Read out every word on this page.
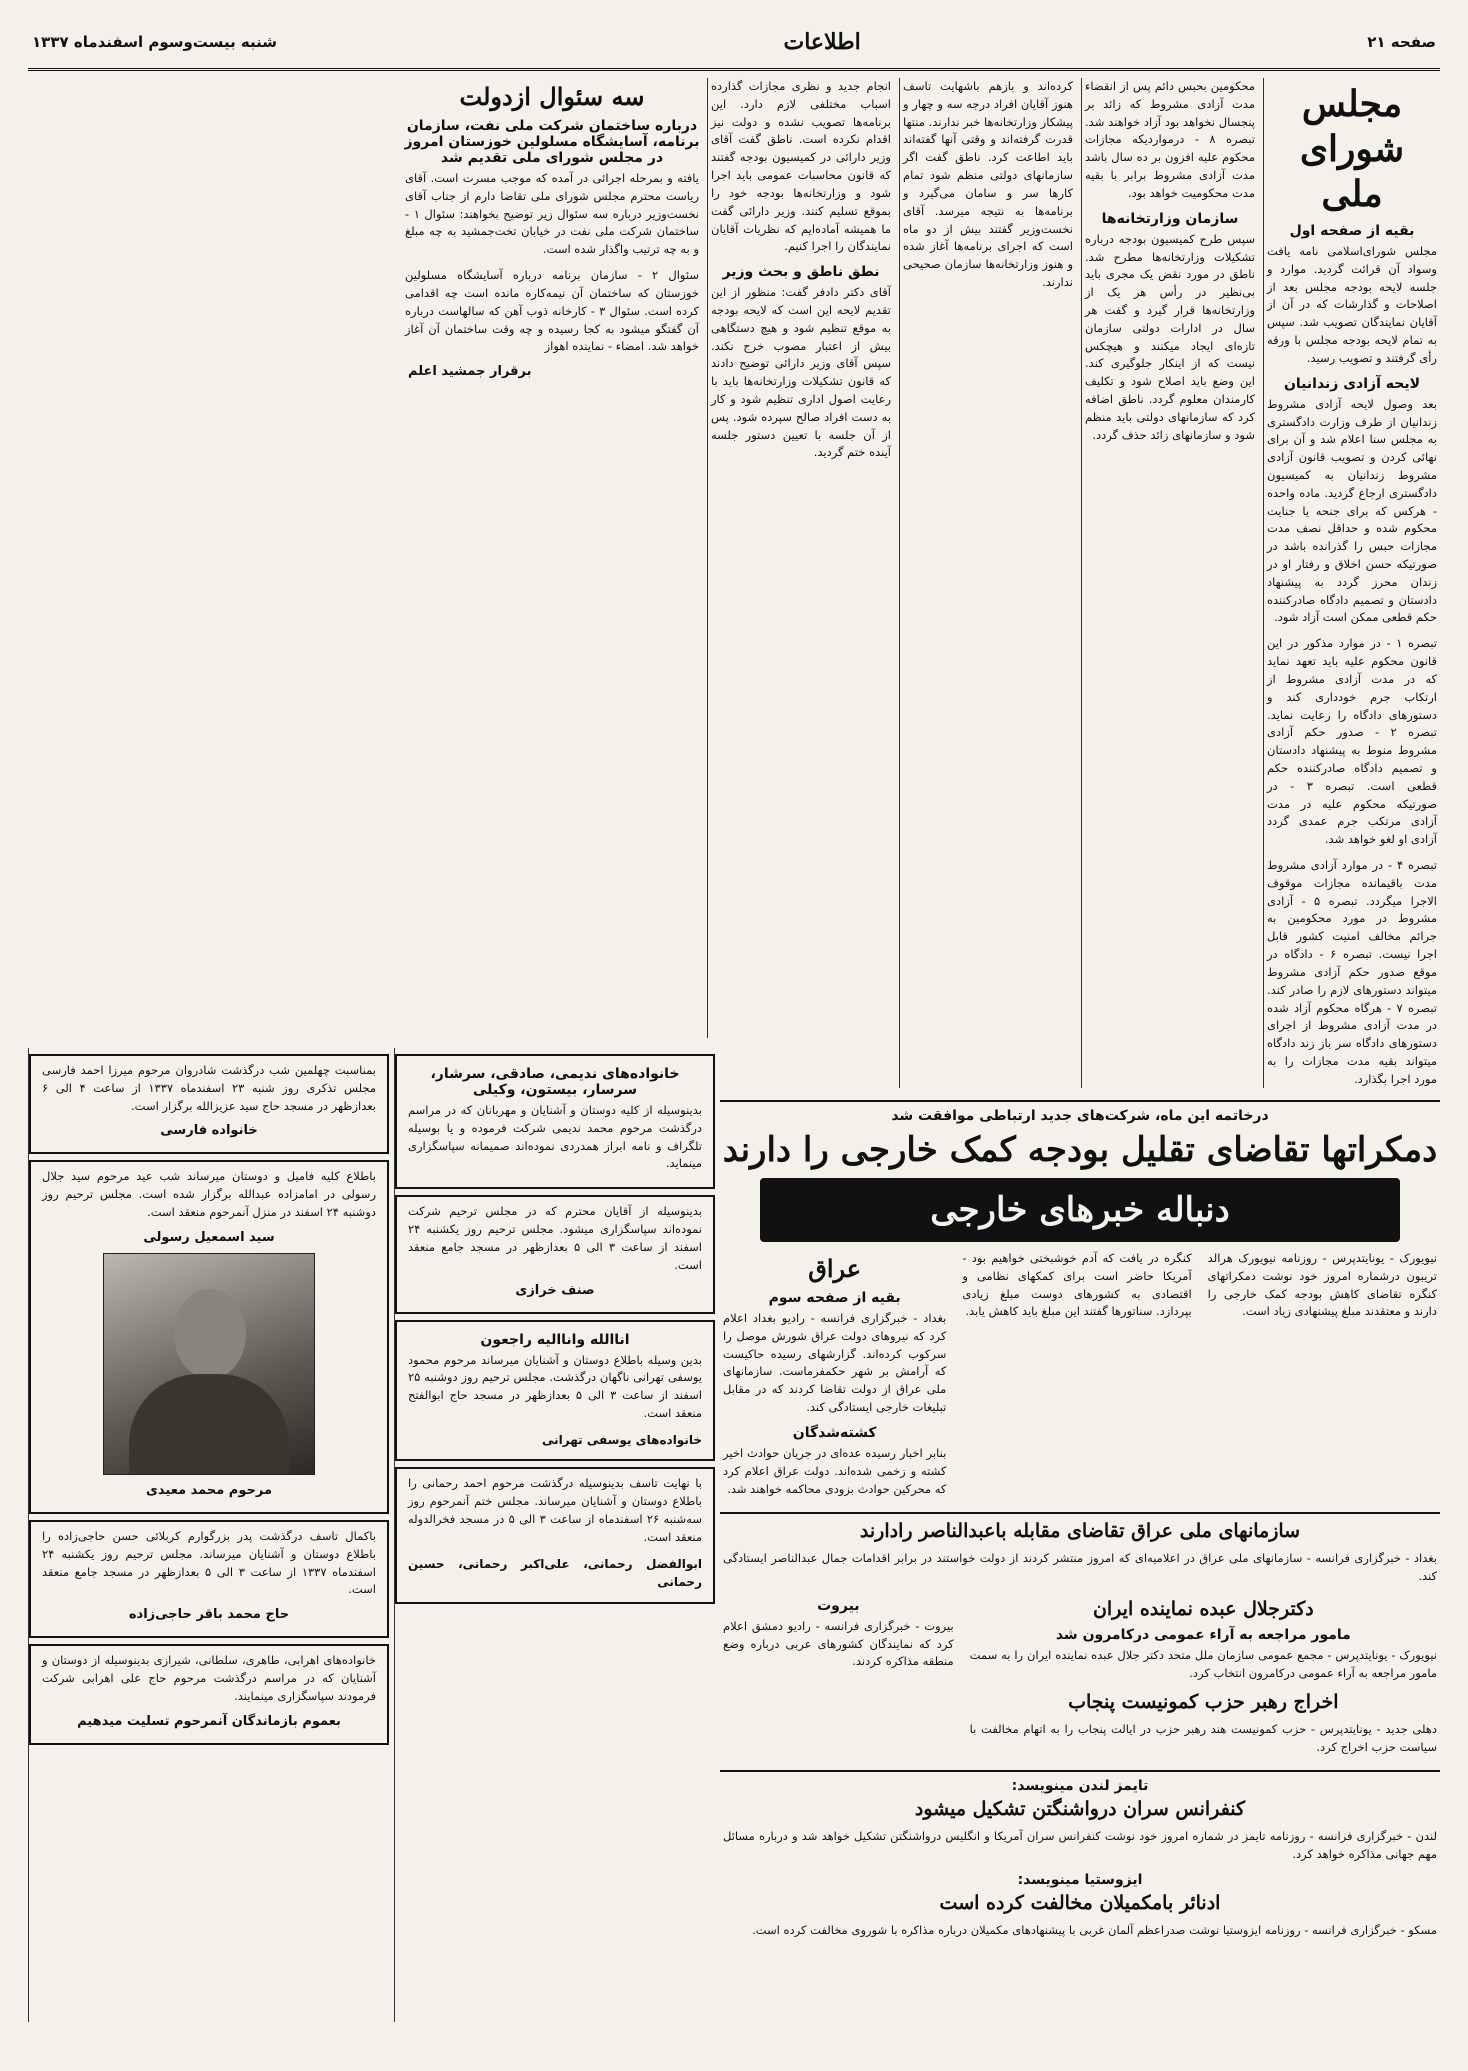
صفحه ۲۱
اطلاعات
شنبه بیست‌وسوم اسفندماه ۱۳۳۷
مجلس شورای ملی
بقیه از صفحه اول

مجلس شورای‌اسلامی نامه یافت وسواد آن قرائت گردید. موارد و جلسه لایحه بودجه مجلس بعد از اصلاحات و گذارشات که در آن از آقایان نمایندگان تصویب شد. سپس به تمام لایحه بودجه مجلس با ورقه رأی گرفتند و تصویب رسید.

لایحه آزادی زندانیان

بعد وصول لایحه آزادی مشروط زندانیان از طرف وزارت دادگستری به مجلس سنا اعلام شد و آن برای نهائی کردن و تصویب قانون آزادی مشروط زندانیان به کمیسیون دادگستری ارجاع گردید. ماده واحده - هرکس که برای جنحه یا جنایت محکوم شده و حداقل نصف مدت مجازات حبس را گذرانده باشد در صورتیکه حسن اخلاق و رفتار او در زندان محرز گردد به پیشنهاد دادستان و تصمیم دادگاه صادرکننده حکم قطعی ممکن است آزاد شود.

تبصره ۱ - در موارد مذکور در این قانون محکوم علیه باید تعهد نماید که در مدت آزادی مشروط از ارتکاب جرم خودداری کند و دستورهای دادگاه را رعایت نماید. تبصره ۲ - صدور حکم آزادی مشروط منوط به پیشنهاد دادستان و تصمیم دادگاه صادرکننده حکم قطعی است. تبصره ۳ - در صورتیکه محکوم علیه در مدت آزادی مرتکب جرم عمدی گردد آزادی او لغو خواهد شد.

تبصره ۴ - در موارد آزادی مشروط مدت باقیمانده مجازات موقوف الاجرا میگردد. تبصره ۵ - آزادی مشروط در مورد محکومین به جرائم مخالف امنیت کشور قابل اجرا نیست. تبصره ۶ - دادگاه در موقع صدور حکم آزادی مشروط میتواند دستورهای لازم را صادر کند. تبصره ۷ - هرگاه محکوم آزاد شده در مدت آزادی مشروط از اجرای دستورهای دادگاه سر باز زند دادگاه میتواند بقیه مدت مجازات را به مورد اجرا بگذارد.

محکومین بحبس دائم پس از انقضاء مدت آزادی مشروط که زائد بر پنجسال نخواهد بود آزاد خواهند شد. تبصره ۸ - درمواردیکه مجازات محکوم علیه افزون بر ده سال باشد مدت آزادی مشروط برابر با بقیه مدت محکومیت خواهد بود.

سازمان وزارتخانه‌ها

سپس طرح کمیسیون بودجه درباره تشکیلات وزارتخانه‌ها مطرح شد. ناطق در مورد نقض یک مجری باید بی‌نظیر در رأس هر یک از وزارتخانه‌ها قرار گیرد و گفت هر سال در ادارات دولتی سازمان تازه‌ای ایجاد میکنند و هیچکس نیست که از اینکار جلوگیری کند. این وضع باید اصلاح شود و تکلیف کارمندان معلوم گردد. ناطق اضافه کرد که سازمانهای دولتی باید منظم شود و سازمانهای زائد حذف گردد.

کرده‌اند و بازهم باشهایت تاسف هنوز آقایان افراد درجه سه و چهار و پیشکار وزارتخانه‌ها خبر ندارند. منتها قدرت گرفته‌اند و وقتی آنها گفته‌اند باید اطاعت کرد. ناطق گفت اگر سازمانهای دولتی منظم شود تمام کارها سر و سامان می‌گیرد و برنامه‌ها به نتیجه میرسد. آقای نخست‌وزیر گفتند بیش از دو ماه است که اجرای برنامه‌ها آغاز شده و هنوز وزارتخانه‌ها سازمان صحیحی ندارند.

انجام جدید و نظری مجازات گذارده اسباب مختلفی لازم دارد. این برنامه‌ها تصویب نشده و دولت نیز اقدام نکرده است. ناطق گفت آقای وزیر دارائی در کمیسیون بودجه گفتند که قانون محاسبات عمومی باید اجرا شود و وزارتخانه‌ها بودجه خود را بموقع تسلیم کنند. وزیر دارائی گفت ما همیشه آماده‌ایم که نظریات آقایان نمایندگان را اجرا کنیم.

نطق ناطق و بحث وزیر

آقای دکتر دادفر گفت: منظور از این تقدیم لایحه این است که لایحه بودجه به موقع تنظیم شود و هیچ دستگاهی بیش از اعتبار مصوب خرج نکند. سپس آقای وزیر دارائی توضیح دادند که قانون تشکیلات وزارتخانه‌ها باید با رعایت اصول اداری تنظیم شود و کار به دست افراد صالح سپرده شود. پس از آن جلسه با تعیین دستور جلسه آینده ختم گردید.

سه سئوال ازدولت
درباره ساختمان شرکت ملی نفت، سازمان برنامه، آسایشگاه مسلولین خوزستان امروز در مجلس شورای ملی تقدیم شد

یافته و بمرحله اجرائی در آمده که موجب مسرت است. آقای ریاست محترم مجلس شورای ملی تقاضا دارم از جناب آقای نخست‌وزیر درباره سه سئوال زیر توضیح بخواهند: سئوال ۱ - ساختمان شرکت ملی نفت در خیابان تخت‌جمشید به چه مبلغ و به چه ترتیب واگذار شده است.

سئوال ۲ - سازمان برنامه درباره آسایشگاه مسلولین خوزستان که ساختمان آن نیمه‌کاره مانده است چه اقدامی کرده است. سئوال ۳ - کارخانه ذوب آهن که سالهاست درباره آن گفتگو میشود به کجا رسیده و چه وقت ساختمان آن آغاز خواهد شد. امضاء - نماینده اهواز

برقرار جمشید اعلم

بمناسبت چهلمین شب درگذشت شادروان مرحوم میرزا احمد فارسی مجلس تذکری روز شنبه ۲۳ اسفندماه ۱۳۳۷ از ساعت ۴ الی ۶ بعدازظهر در مسجد حاج سید عزیزالله برگزار است.

خانواده فارسی

باطلاع کلیه فامیل و دوستان میرساند شب عید مرحوم سید جلال رسولی در امامزاده عبدالله برگزار شده است. مجلس ترحیم روز دوشنبه ۲۴ اسفند در منزل آنمرحوم منعقد است.

سید اسمعیل رسولی
مرحوم محمد معیدی

باکمال تاسف درگذشت پدر بزرگوارم کربلائی حسن حاجی‌زاده را باطلاع دوستان و آشنایان میرساند. مجلس ترحیم روز یکشنبه ۲۴ اسفندماه ۱۳۳۷ از ساعت ۳ الی ۵ بعدازظهر در مسجد جامع منعقد است.

حاج محمد باقر حاجی‌زاده

خانواده‌های اهرابی، طاهری، سلطانی، شیرازی بدینوسیله از دوستان و آشنایان که در مراسم درگذشت مرحوم حاج علی اهرابی شرکت فرمودند سپاسگزاری مینمایند.

بعموم بازماندگان آنمرحوم تسلیت میدهیم
خانواده‌های ندیمی، صادقی، سرشار، سرسار، بیستون، وکیلی

بدینوسیله از کلیه دوستان و آشنایان و مهربانان که در مراسم درگذشت مرحوم محمد ندیمی شرکت فرموده و یا بوسیله تلگراف و نامه ابراز همدردی نموده‌اند صمیمانه سپاسگزاری مینماید.

بدینوسیله از آقایان محترم که در مجلس ترحیم شرکت نموده‌اند سپاسگزاری میشود. مجلس ترحیم روز یکشنبه ۲۴ اسفند از ساعت ۳ الی ۵ بعدازظهر در مسجد جامع منعقد است.

صنف خرازی
اناالله واناالیه راجعون

بدین وسیله باطلاع دوستان و آشنایان میرساند مرحوم محمود یوسفی تهرانی ناگهان درگذشت. مجلس ترحیم روز دوشنبه ۲۵ اسفند از ساعت ۳ الی ۵ بعدازظهر در مسجد حاج ابوالفتح منعقد است.

خانواده‌های یوسفی تهرانی

با نهایت تاسف بدینوسیله درگذشت مرحوم احمد رحمانی را باطلاع دوستان و آشنایان میرساند. مجلس ختم آنمرحوم روز سه‌شنبه ۲۶ اسفندماه از ساعت ۳ الی ۵ در مسجد فخرالدوله منعقد است.

ابوالفضل رحمانی، علی‌اکبر رحمانی، حسین رحمانی
درخاتمه این ماه، شرکت‌های جدید ارتباطی موافقت شد
دمکراتها تقاضای تقلیل بودجه کمک خارجی را دارند
دنباله خبرهای خارجی

نیویورک - یونایتدپرس - روزنامه نیویورک هرالد تریبون درشماره امروز خود نوشت دمکراتهای کنگره تقاضای کاهش بودجه کمک خارجی را دارند و معتقدند مبلغ پیشنهادی زیاد است.

کنگره در یافت که آدم خوشبختی خواهیم بود - آمریکا حاضر است برای کمکهای نظامی و اقتصادی به کشورهای دوست مبلغ زیادی بپردازد. سناتورها گفتند این مبلغ باید کاهش یابد.

عراق
بقیه از صفحه سوم

بغداد - خبرگزاری فرانسه - رادیو بغداد اعلام کرد که نیروهای دولت عراق شورش موصل را سرکوب کرده‌اند. گزارشهای رسیده حاکیست که آرامش بر شهر حکمفرماست. سازمانهای ملی عراق از دولت تقاضا کردند که در مقابل تبلیغات خارجی ایستادگی کند.

کشته‌شدگان

بنابر اخبار رسیده عده‌ای در جریان حوادث اخیر کشته و زخمی شده‌اند. دولت عراق اعلام کرد که محرکین حوادث بزودی محاکمه خواهند شد.

سازمانهای ملی عراق تقاضای مقابله باعبدالناصر رادارند

بغداد - خبرگزاری فرانسه - سازمانهای ملی عراق در اعلامیه‌ای که امروز منتشر کردند از دولت خواستند در برابر اقدامات جمال عبدالناصر ایستادگی کند.

دکترجلال عبده نماینده ایران
مامور مراجعه به آراء عمومی درکامرون شد

نیویورک - یونایتدپرس - مجمع عمومی سازمان ملل متحد دکتر جلال عبده نماینده ایران را به سمت مامور مراجعه به آراء عمومی درکامرون انتخاب کرد.

اخراج رهبر حزب کمونیست پنجاب

دهلی جدید - یونایتدپرس - حزب کمونیست هند رهبر حزب در ایالت پنجاب را به اتهام مخالفت با سیاست حزب اخراج کرد.

بیروت

بیروت - خبرگزاری فرانسه - رادیو دمشق اعلام کرد که نمایندگان کشورهای عربی درباره وضع منطقه مذاکره کردند.

تایمز لندن مینویسد:
کنفرانس سران درواشنگتن تشکیل میشود

لندن - خبرگزاری فرانسه - روزنامه تایمز در شماره امروز خود نوشت کنفرانس سران آمریکا و انگلیس درواشنگتن تشکیل خواهد شد و درباره مسائل مهم جهانی مذاکره خواهد کرد.

ایزوستیا مینویسد:
ادنائر بامکمیلان مخالفت کرده است

مسکو - خبرگزاری فرانسه - روزنامه ایزوستیا نوشت صدراعظم آلمان غربی با پیشنهادهای مکمیلان درباره مذاکره با شوروی مخالفت کرده است.
